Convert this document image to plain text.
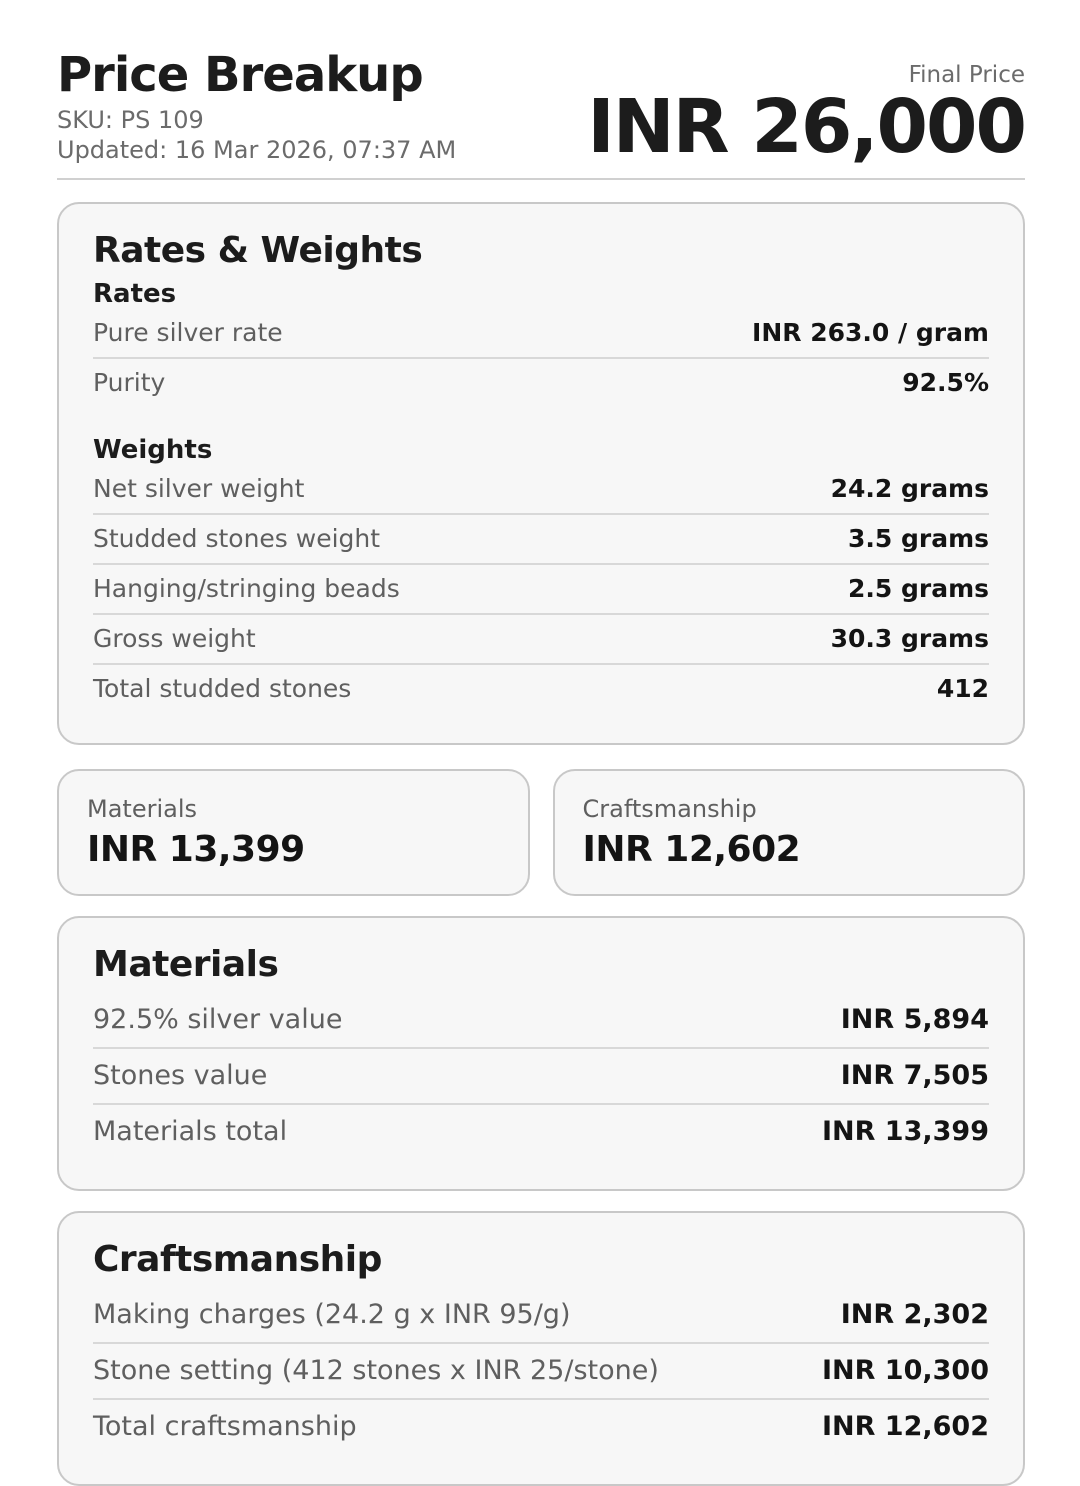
Price Breakup
SKU: PS 109
Updated: 16 Mar 2026, 07:37 AM
Final Price
INR 26,000
Rates & Weights
Rates
Pure silver rate	INR 263.0 / gram
Purity	92.5%
Weights
Net silver weight	24.2 grams
Studded stones weight	3.5 grams
Hanging/stringing beads	2.5 grams
Gross weight	30.3 grams
Total studded stones	412
Materials
INR 13,399
Craftsmanship
INR 12,602
Materials
92.5% silver value	INR 5,894
Stones value	INR 7,505
Materials total	INR 13,399
Craftsmanship
Making charges (24.2 g x INR 95/g)	INR 2,302
Stone setting (412 stones x INR 25/stone)	INR 10,300
Total craftsmanship	INR 12,602
